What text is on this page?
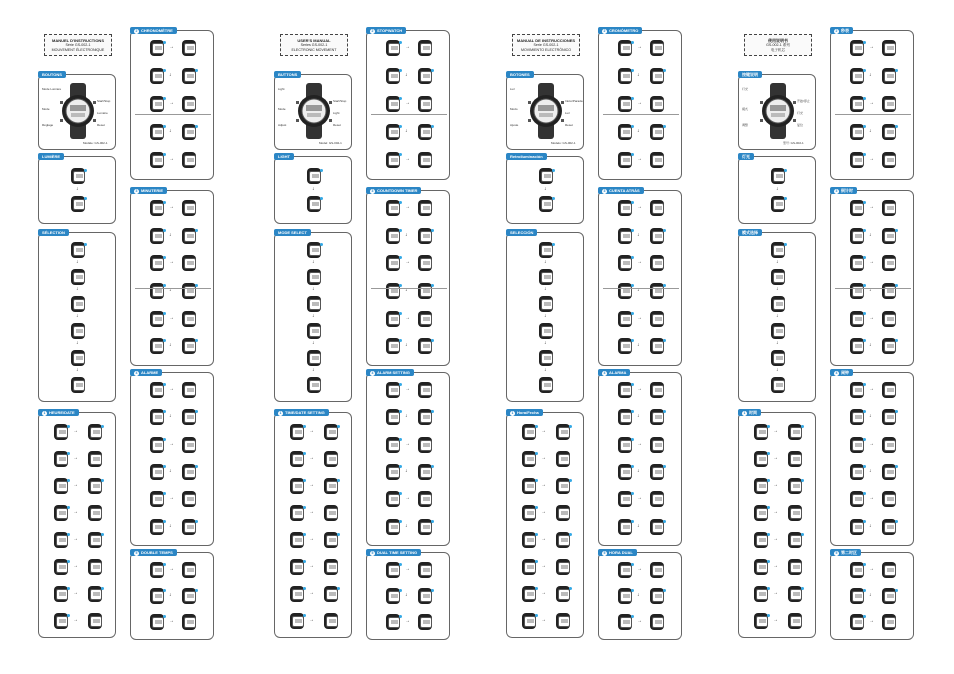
MANUEL D'INSTRUCTIONS
Série GS-002-1
MOUVEMENT ÉLECTRONIQUE
BOUTONS
Mode Lumière
Mode
Réglage
Start/Stop
Lumière
Reset
Modèle: GS-002-1
LUMIÈRE
↓
SÉLECTION
↓
↓
↓
↓
↓
1 HEURE/DATE
→
→
→
→
→
→
→
→
2 CHRONOMÈTRE
→
↓
→
↓
→
3 MINUTERIE
→
↓
→
↓
→
↓
4 ALARME
→
↓
→
↓
→
↓
5 DOUBLE TEMPS
→
↓
→
USER'S MANUAL
Series GS-002-1
ELECTRONIC MOVEMENT
BUTTONS
Light
Mode
Adjust
Start/Stop
Light
Reset
Model: GS-002-1
LIGHT
↓
MODE SELECT
↓
↓
↓
↓
↓
1 TIME/DATE SETTING
→
→
→
→
→
→
→
→
2 STOPWATCH
→
↓
→
↓
→
3 COUNTDOWN TIMER
→
↓
→
↓
→
↓
4 ALARM SETTING
→
↓
→
↓
→
↓
5 DUAL TIME SETTING
→
↓
→
MANUAL DE INSTRUCCIONES
Serie GS-002-1
MOVIMIENTO ELECTRÓNICO
BOTONES
Luz
Modo
Ajuste
Inicio/Parada
Luz
Reset
Modelo: GS-002-1
Retroiluminación
↓
SELECCIÓN
↓
↓
↓
↓
↓
1 Hora/Fecha
→
→
→
→
→
→
→
→
2 CRONÓMETRO
→
↓
→
↓
→
3 CUENTA ATRÁS
→
↓
→
↓
→
↓
4 ALARMA
→
↓
→
↓
→
↓
5 HORA DUAL
→
↓
→
使用说明书
GS-002-1 系列
电子机芯
按键说明
灯光
模式
调整
开始/停止
灯光
复位
型号: GS-002-1
灯光
↓
模式选择
↓
↓
↓
↓
↓
1 时间
→
→
→
→
→
→
→
→
2 秒表
→
↓
→
↓
→
3 倒计时
→
↓
→
↓
→
↓
4 闹钟
→
↓
→
↓
→
↓
5 第二时区
→
↓
→
